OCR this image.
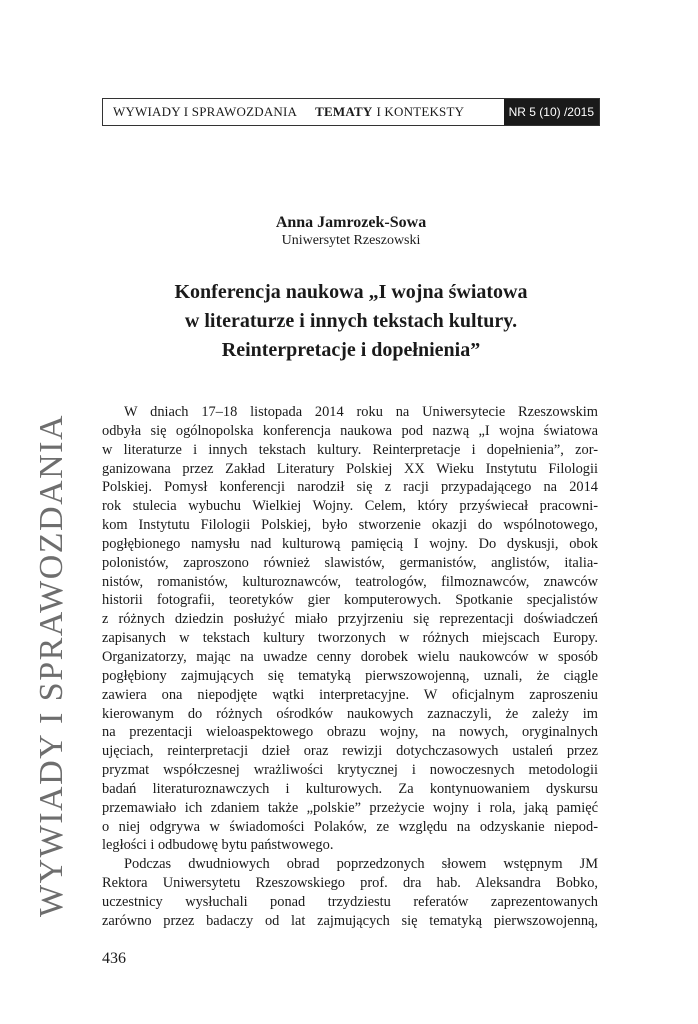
WYWIADY I SPRAWOZDANIA TEMATY I KONTEKSTY	NR 5 (10) /2015
WYWIADY I SPRAWOZDANIA
Anna Jamrozek-Sowa
Uniwersytet Rzeszowski
Konferencja naukowa „I wojna światowa
w literaturze i innych tekstach kultury.
Reinterpretacje i dopełnienia”
W dniach 17–18 listopada 2014 roku na Uniwersytecie Rzeszowskim
odbyła się ogólnopolska konferencja naukowa pod nazwą „I wojna światowa
w literaturze i innych tekstach kultury. Reinterpretacje i dopełnienia”, zor-
ganizowana przez Zakład Literatury Polskiej XX Wieku Instytutu Filologii
Polskiej. Pomysł konferencji narodził się z racji przypadającego na 2014
rok stulecia wybuchu Wielkiej Wojny. Celem, który przyświecał pracowni-
kom Instytutu Filologii Polskiej, było stworzenie okazji do wspólnotowego,
pogłębionego namysłu nad kulturową pamięcią I wojny. Do dyskusji, obok
polonistów, zaproszono również slawistów, germanistów, anglistów, italia-
nistów, romanistów, kulturoznawców, teatrologów, filmoznawców, znawców
historii fotografii, teoretyków gier komputerowych. Spotkanie specjalistów
z różnych dziedzin posłużyć miało przyjrzeniu się reprezentacji doświadczeń
zapisanych w tekstach kultury tworzonych w różnych miejscach Europy.
Organizatorzy, mając na uwadze cenny dorobek wielu naukowców w sposób
pogłębiony zajmujących się tematyką pierwszowojenną, uznali, że ciągle
zawiera ona niepodjęte wątki interpretacyjne. W oficjalnym zaproszeniu
kierowanym do różnych ośrodków naukowych zaznaczyli, że zależy im
na prezentacji wieloaspektowego obrazu wojny, na nowych, oryginalnych
ujęciach, reinterpretacji dzieł oraz rewizji dotychczasowych ustaleń przez
pryzmat współczesnej wrażliwości krytycznej i nowoczesnych metodologii
badań literaturoznawczych i kulturowych. Za kontynuowaniem dyskursu
przemawiało ich zdaniem także „polskie” przeżycie wojny i rola, jaką pamięć
o niej odgrywa w świadomości Polaków, ze względu na odzyskanie niepod-
ległości i odbudowę bytu państwowego.
Podczas dwudniowych obrad poprzedzonych słowem wstępnym JM
Rektora Uniwersytetu Rzeszowskiego prof. dra hab. Aleksandra Bobko,
uczestnicy wysłuchali ponad trzydziestu referatów zaprezentowanych
zarówno przez badaczy od lat zajmujących się tematyką pierwszowojenną,
436
